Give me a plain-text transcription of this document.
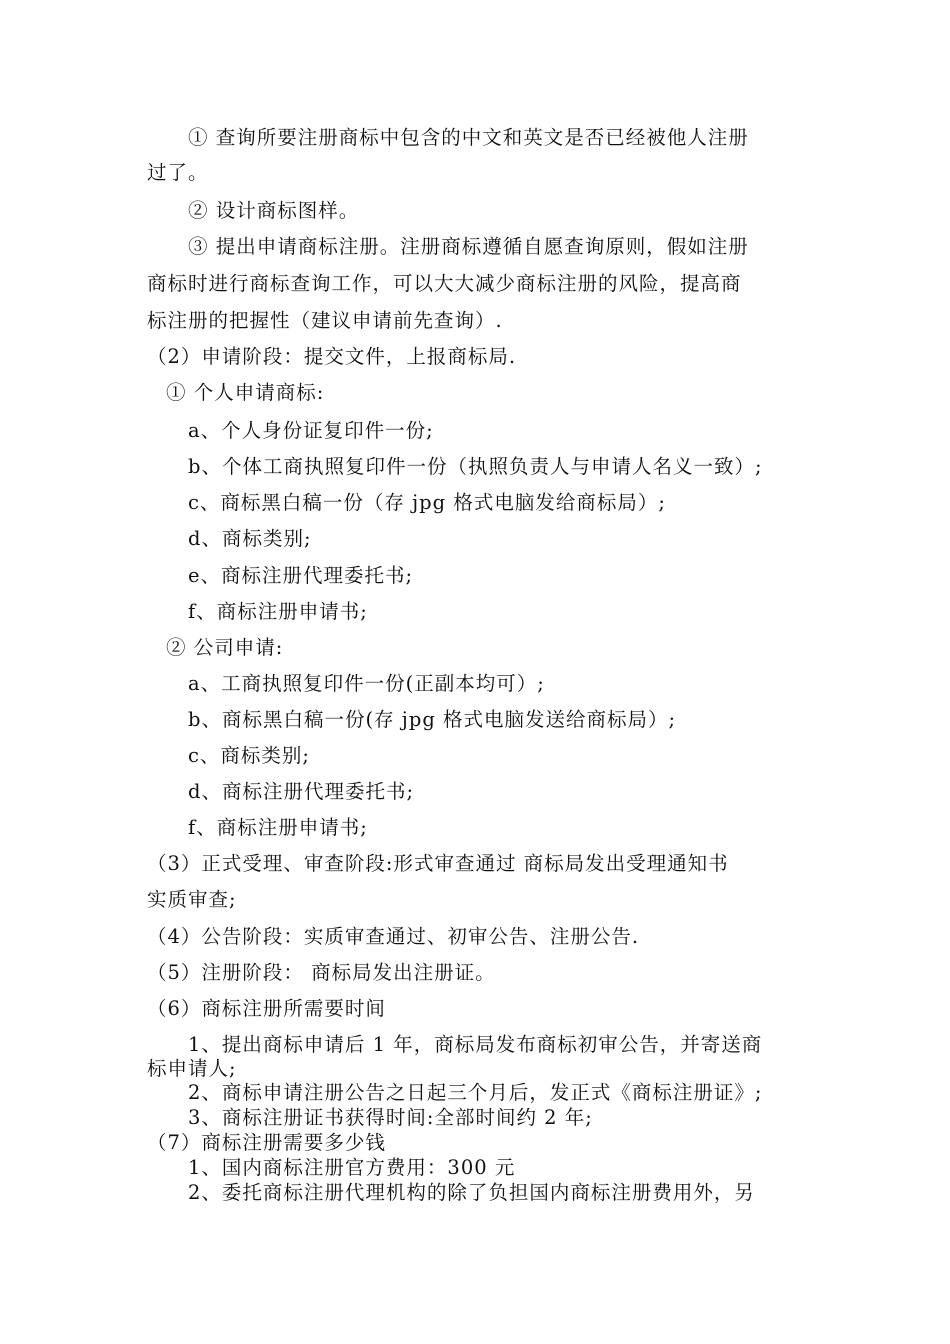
① 查询所要注册商标中包含的中文和英文是否已经被他人注册
过了。
② 设计商标图样。
③ 提出申请商标注册。注册商标遵循自愿查询原则，假如注册
商标时进行商标查询工作，可以大大减少商标注册的风险，提高商
标注册的把握性（建议申请前先查询）.
（2）申请阶段：提交文件，上报商标局.
① 个人申请商标:
a、个人身份证复印件一份;
b、个体工商执照复印件一份（执照负责人与申请人名义一致）;
c、商标黑白稿一份（存 jpg 格式电脑发给商标局）;
d、商标类别;
e、商标注册代理委托书;
f、商标注册申请书;
② 公司申请:
a、工商执照复印件一份(正副本均可）;
b、商标黑白稿一份(存 jpg 格式电脑发送给商标局）;
c、商标类别;
d、商标注册代理委托书;
f、商标注册申请书;
（3）正式受理、审查阶段:形式审查通过 商标局发出受理通知书
实质审查;
（4）公告阶段：实质审查通过、初审公告、注册公告.
（5）注册阶段： 商标局发出注册证。
（6）商标注册所需要时间
1、提出商标申请后 1 年，商标局发布商标初审公告，并寄送商
标申请人;
2、商标申请注册公告之日起三个月后，发正式《商标注册证》;
3、商标注册证书获得时间:全部时间约 2 年;
（7）商标注册需要多少钱
1、国内商标注册官方费用：300 元
2、委托商标注册代理机构的除了负担国内商标注册费用外，另
